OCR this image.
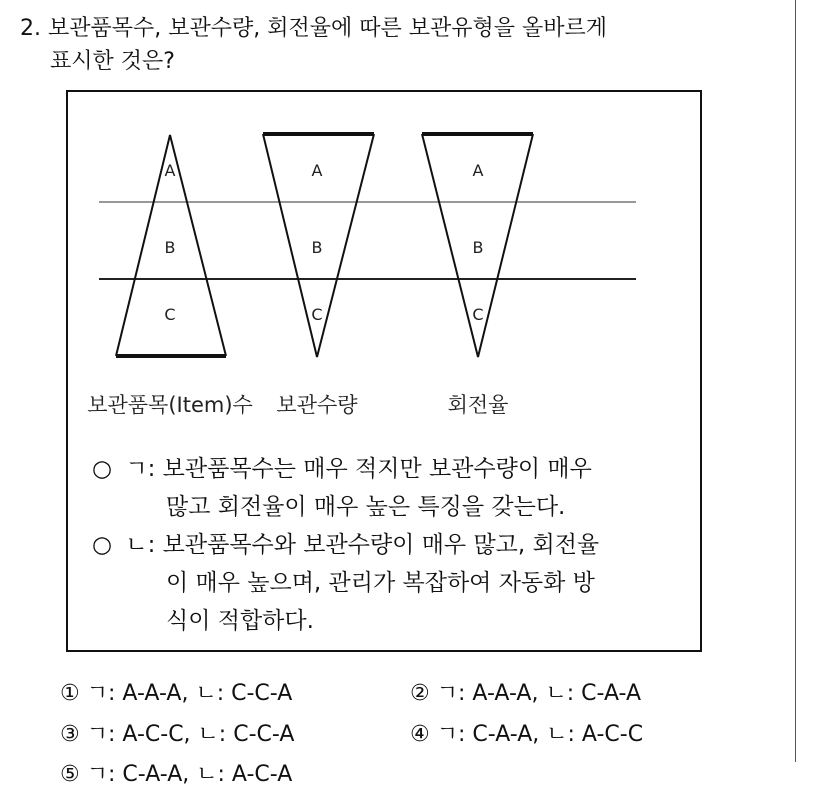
2. 보관품목수, 보관수량, 회전율에 따른 보관유형을 올바르게
표시한 것은?
A
B
C
A
B
C
A
B
C
보관품목(Item)수 보관수량	회전율
○ ㄱ: 보관품목수는 매우 적지만 보관수량이 매우
많고 회전율이 매우 높은 특징을 갖는다.
○ ㄴ: 보관품목수와 보관수량이 매우 많고, 회전율
이 매우 높으며, 관리가 복잡하여 자동화 방
식이 적합하다.
① ㄱ: A-A-A, ㄴ: C-C-A	② ㄱ: A-A-A, ㄴ: C-A-A
③ ㄱ: A-C-C, ㄴ: C-C-A	④ ㄱ: C-A-A, ㄴ: A-C-C
⑤ ㄱ: C-A-A, ㄴ: A-C-A
